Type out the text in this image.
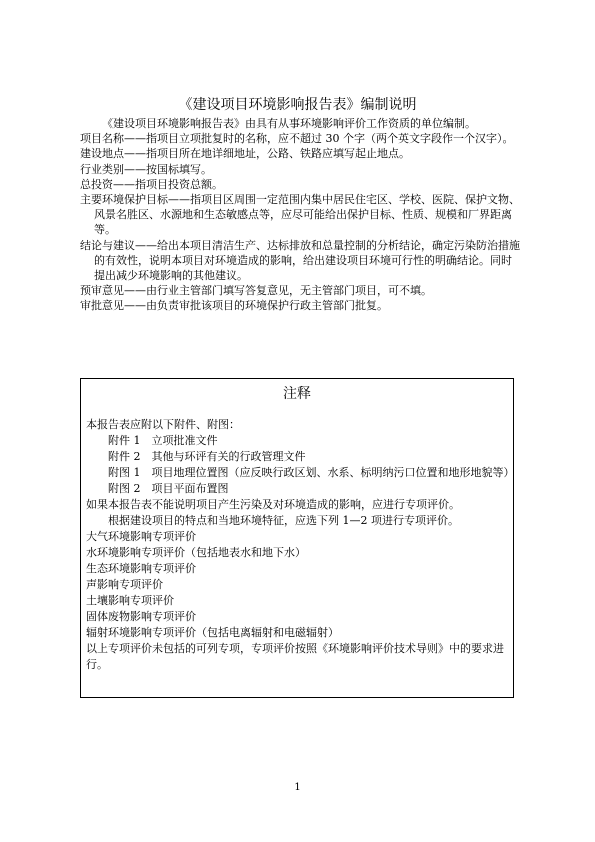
《建设项目环境影响报告表》编制说明

《建设项目环境影响报告表》由具有从事环境影响评价工作资质的单位编制。

项目名称——指项目立项批复时的名称，应不超过 30 个字（两个英文字段作一个汉字）。

建设地点——指项目所在地详细地址，公路、铁路应填写起止地点。

行业类别——按国标填写。

总投资——指项目投资总额。

主要环境保护目标——指项目区周围一定范围内集中居民住宅区、学校、医院、保护文物、风景名胜区、水源地和生态敏感点等，应尽可能给出保护目标、性质、规模和厂界距离等。

结论与建议——给出本项目清洁生产、达标排放和总量控制的分析结论，确定污染防治措施的有效性，说明本项目对环境造成的影响，给出建设项目环境可行性的明确结论。同时提出减少环境影响的其他建议。

预审意见——由行业主管部门填写答复意见，无主管部门项目，可不填。

审批意见——由负责审批该项目的环境保护行政主管部门批复。

注释

本报告表应附以下附件、附图：

附件 1　立项批准文件

附件 2　其他与环评有关的行政管理文件

附图 1　项目地理位置图（应反映行政区划、水系、标明纳污口位置和地形地貌等）

附图 2　项目平面布置图

如果本报告表不能说明项目产生污染及对环境造成的影响，应进行专项评价。

根据建设项目的特点和当地环境特征，应选下列 1—2 项进行专项评价。

大气环境影响专项评价

水环境影响专项评价（包括地表水和地下水）

生态环境影响专项评价

声影响专项评价

土壤影响专项评价

固体废物影响专项评价

辐射环境影响专项评价（包括电离辐射和电磁辐射）

以上专项评价未包括的可列专项，专项评价按照《环境影响评价技术导则》中的要求进行。

1
